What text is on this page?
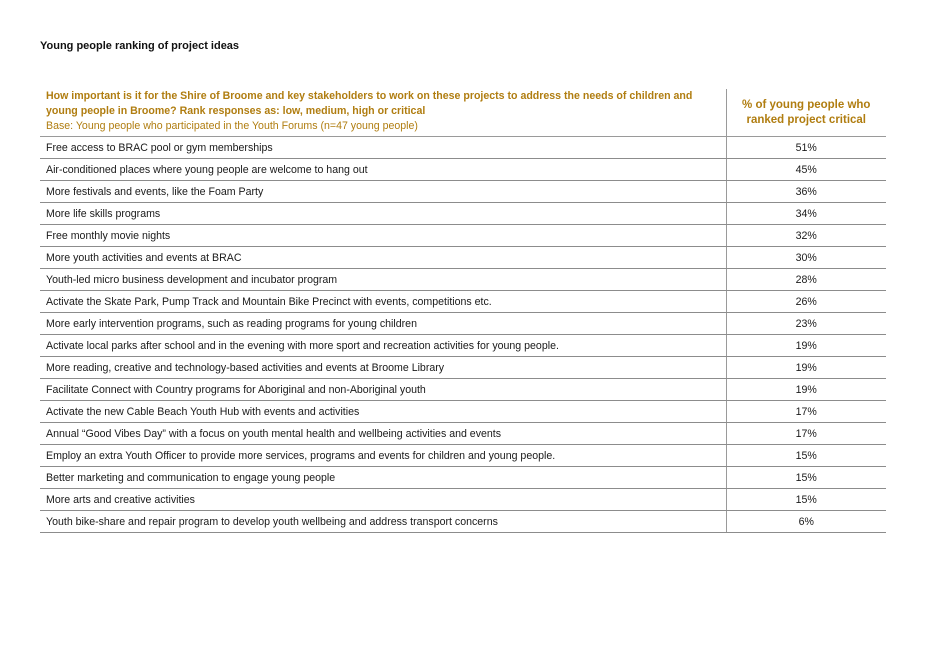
Young people ranking of project ideas
How important is it for the Shire of Broome and key stakeholders to work on these projects to address the needs of children and young people in Broome? Rank responses as: low, medium, high or critical
Base: Young people who participated in the Youth Forums (n=47 young people)	% of young people who ranked project critical

Free access to BRAC pool or gym memberships	51%
Air-conditioned places where young people are welcome to hang out	45%
More festivals and events, like the Foam Party	36%
More life skills programs	34%
Free monthly movie nights	32%
More youth activities and events at BRAC	30%
Youth-led micro business development and incubator program	28%
Activate the Skate Park, Pump Track and Mountain Bike Precinct with events, competitions etc.	26%
More early intervention programs, such as reading programs for young children	23%
Activate local parks after school and in the evening with more sport and recreation activities for young people.	19%
More reading, creative and technology-based activities and events at Broome Library	19%
Facilitate Connect with Country programs for Aboriginal and non-Aboriginal youth	19%
Activate the new Cable Beach Youth Hub with events and activities	17%
Annual “Good Vibes Day” with a focus on youth mental health and wellbeing activities and events	17%
Employ an extra Youth Officer to provide more services, programs and events for children and young people.	15%
Better marketing and communication to engage young people	15%
More arts and creative activities	15%
Youth bike-share and repair program to develop youth wellbeing and address transport concerns	6%
